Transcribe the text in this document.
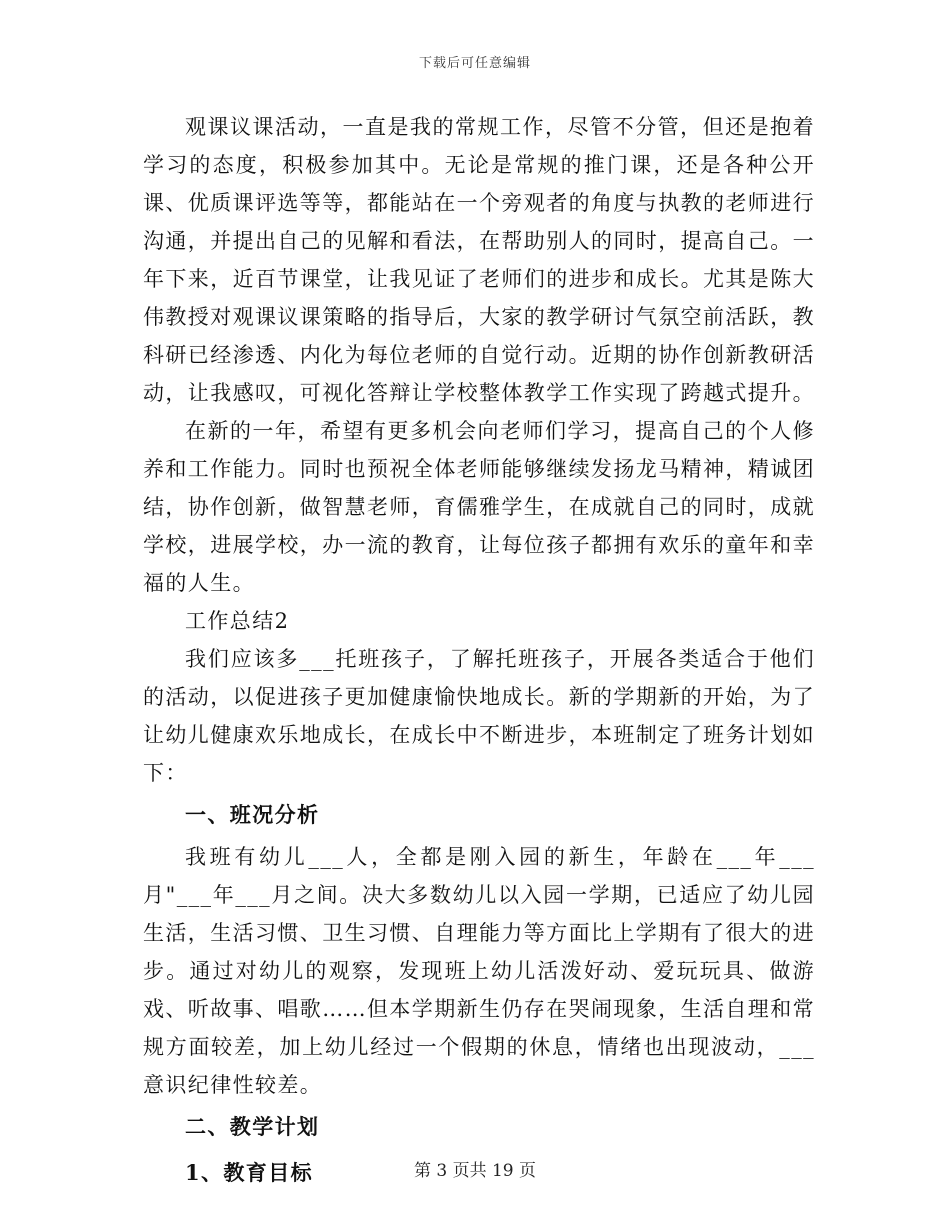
下载后可任意编辑

观课议课活动，一直是我的常规工作，尽管不分管，但还是抱着学习的态度，积极参加其中。无论是常规的推门课，还是各种公开课、优质课评选等等，都能站在一个旁观者的角度与执教的老师进行沟通，并提出自己的见解和看法，在帮助别人的同时，提高自己。一年下来，近百节课堂，让我见证了老师们的进步和成长。尤其是陈大伟教授对观课议课策略的指导后，大家的教学研讨气氛空前活跃，教科研已经渗透、内化为每位老师的自觉行动。近期的协作创新教研活动，让我感叹，可视化答辩让学校整体教学工作实现了跨越式提升。

在新的一年，希望有更多机会向老师们学习，提高自己的个人修养和工作能力。同时也预祝全体老师能够继续发扬龙马精神，精诚团结，协作创新，做智慧老师，育儒雅学生，在成就自己的同时，成就学校，进展学校，办一流的教育，让每位孩子都拥有欢乐的童年和幸福的人生。

工作总结2

我们应该多___托班孩子，了解托班孩子，开展各类适合于他们的活动，以促进孩子更加健康愉快地成长。新的学期新的开始，为了让幼儿健康欢乐地成长，在成长中不断进步，本班制定了班务计划如下：

一、班况分析

我班有幼儿___人，全都是刚入园的新生，年龄在___年___月"___年___月之间。决大多数幼儿以入园一学期，已适应了幼儿园生活，生活习惯、卫生习惯、自理能力等方面比上学期有了很大的进步。通过对幼儿的观察，发现班上幼儿活泼好动、爱玩玩具、做游戏、听故事、唱歌……但本学期新生仍存在哭闹现象，生活自理和常规方面较差，加上幼儿经过一个假期的休息，情绪也出现波动，___意识纪律性较差。

二、教学计划

1、教育目标	第 3 页共 19 页
